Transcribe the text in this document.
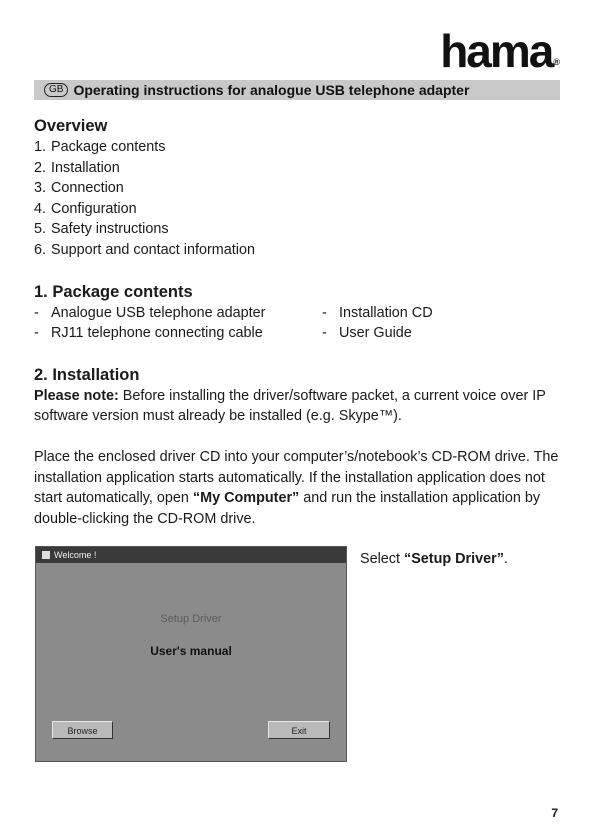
hama®
GB Operating instructions for analogue USB telephone adapter
Overview
1. Package contents
2. Installation
3. Connection
4. Configuration
5. Safety instructions
6. Support and contact information
1. Package contents
- Analogue USB telephone adapter
- RJ11 telephone connecting cable
- Installation CD
- User Guide
2. Installation
Please note: Before installing the driver/software packet, a current voice over IP software version must already be installed (e.g. Skype™).
Place the enclosed driver CD into your computer’s/notebook’s CD-ROM drive. The installation application starts automatically. If the installation application does not start automatically, open “My Computer” and run the installation application by double-clicking the CD-ROM drive.
Welcome !
Setup Driver
User's manual
Browse	Exit
Select “Setup Driver”.
7
